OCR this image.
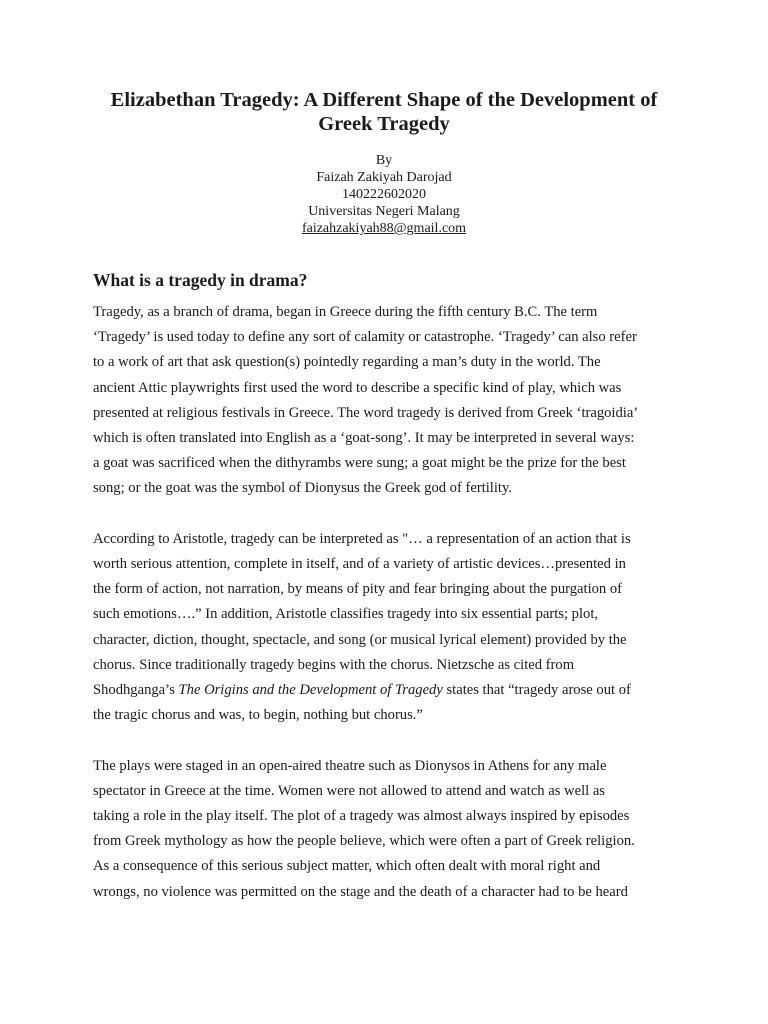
Elizabethan Tragedy: A Different Shape of the Development of
Greek Tragedy
By
Faizah Zakiyah Darojad
140222602020
Universitas Negeri Malang
faizahzakiyah88@gmail.com
What is a tragedy in drama?

Tragedy, as a branch of drama, began in Greece during the fifth century B.C. The term
‘Tragedy’ is used today to define any sort of calamity or catastrophe. ‘Tragedy’ can also refer
to a work of art that ask question(s) pointedly regarding a man’s duty in the world. The
ancient Attic playwrights first used the word to describe a specific kind of play, which was
presented at religious festivals in Greece. The word tragedy is derived from Greek ‘tragoidia’
which is often translated into English as a ‘goat-song’. It may be interpreted in several ways:
a goat was sacrificed when the dithyrambs were sung; a goat might be the prize for the best
song; or the goat was the symbol of Dionysus the Greek god of fertility.

According to Aristotle, tragedy can be interpreted as "… a representation of an action that is
worth serious attention, complete in itself, and of a variety of artistic devices…presented in
the form of action, not narration, by means of pity and fear bringing about the purgation of
such emotions….” In addition, Aristotle classifies tragedy into six essential parts; plot,
character, diction, thought, spectacle, and song (or musical lyrical element) provided by the
chorus. Since traditionally tragedy begins with the chorus. Nietzsche as cited from
Shodhganga’s The Origins and the Development of Tragedy states that “tragedy arose out of
the tragic chorus and was, to begin, nothing but chorus.”

The plays were staged in an open-aired theatre such as Dionysos in Athens for any male
spectator in Greece at the time. Women were not allowed to attend and watch as well as
taking a role in the play itself. The plot of a tragedy was almost always inspired by episodes
from Greek mythology as how the people believe, which were often a part of Greek religion.
As a consequence of this serious subject matter, which often dealt with moral right and
wrongs, no violence was permitted on the stage and the death of a character had to be heard
